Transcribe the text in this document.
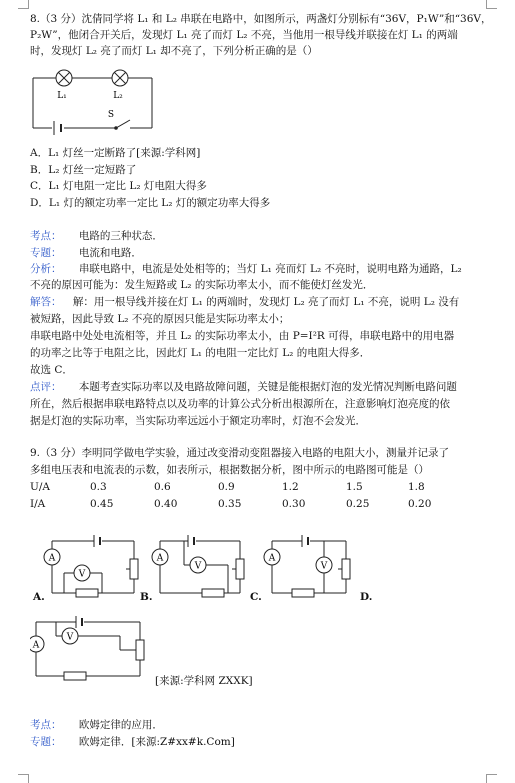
8.（3 分）沈倩同学将 L₁ 和 L₂ 串联在电路中，如图所示，两盏灯分别标有“36V，P₁W”和“36V，
P₂W”，他闭合开关后，发现灯 L₁ 亮了而灯 L₂ 不亮，当他用一根导线并联接在灯 L₁ 的两端
时，发现灯 L₂ 亮了而灯 L₁ 却不亮了，下列分析正确的是（）
L₁	L₂
S
A．L₁ 灯丝一定断路了[来源:学科网]
B．L₂ 灯丝一定短路了
C．L₁ 灯电阻一定比 L₂ 灯电阻大得多
D．L₁ 灯的额定功率一定比 L₂ 灯的额定功率大得多
考点： 电路的三种状态．
专题： 电流和电路．
分析： 串联电路中，电流是处处相等的；当灯 L₁ 亮而灯 L₂ 不亮时，说明电路为通路，L₂
不亮的原因可能为：发生短路或 L₂ 的实际功率太小，而不能使灯丝发光．
解答： 解：用一根导线并接在灯 L₁ 的两端时，发现灯 L₂ 亮了而灯 L₁ 不亮，说明 L₂ 没有
被短路，因此导致 L₂ 不亮的原因只能是实际功率太小；
串联电路中处处电流相等，并且 L₂ 的实际功率太小，由 P=I²R 可得，串联电路中的用电器
的功率之比等于电阻之比，因此灯 L₁ 的电阻一定比灯 L₂ 的电阻大得多．
故选 C．
点评： 本题考查实际功率以及电路故障问题，关键是能根据灯泡的发光情况判断电路问题
所在，然后根据串联电路特点以及功率的计算公式分析出根源所在，注意影响灯泡亮度的依
据是灯泡的实际功率，当实际功率远远小于额定功率时，灯泡不会发光．
9.（3 分）李明同学做电学实验，通过改变滑动变阻器接入电路的电阻大小，测量并记录了
多组电压表和电流表的示数，如表所示，根据数据分析，图中所示的电路图可能是（）
U/A	0.3	0.6	0.9	1.2	1.5	1.8
I/A	0.45	0.40	0.35	0.30	0.25	0.20
A
V
A.
A
V
B.
A
V
C.	D.
A
V
[来源:学科网 ZXXK]
考点： 欧姆定律的应用．
专题： 欧姆定律．[来源:Z#xx#k.Com]
